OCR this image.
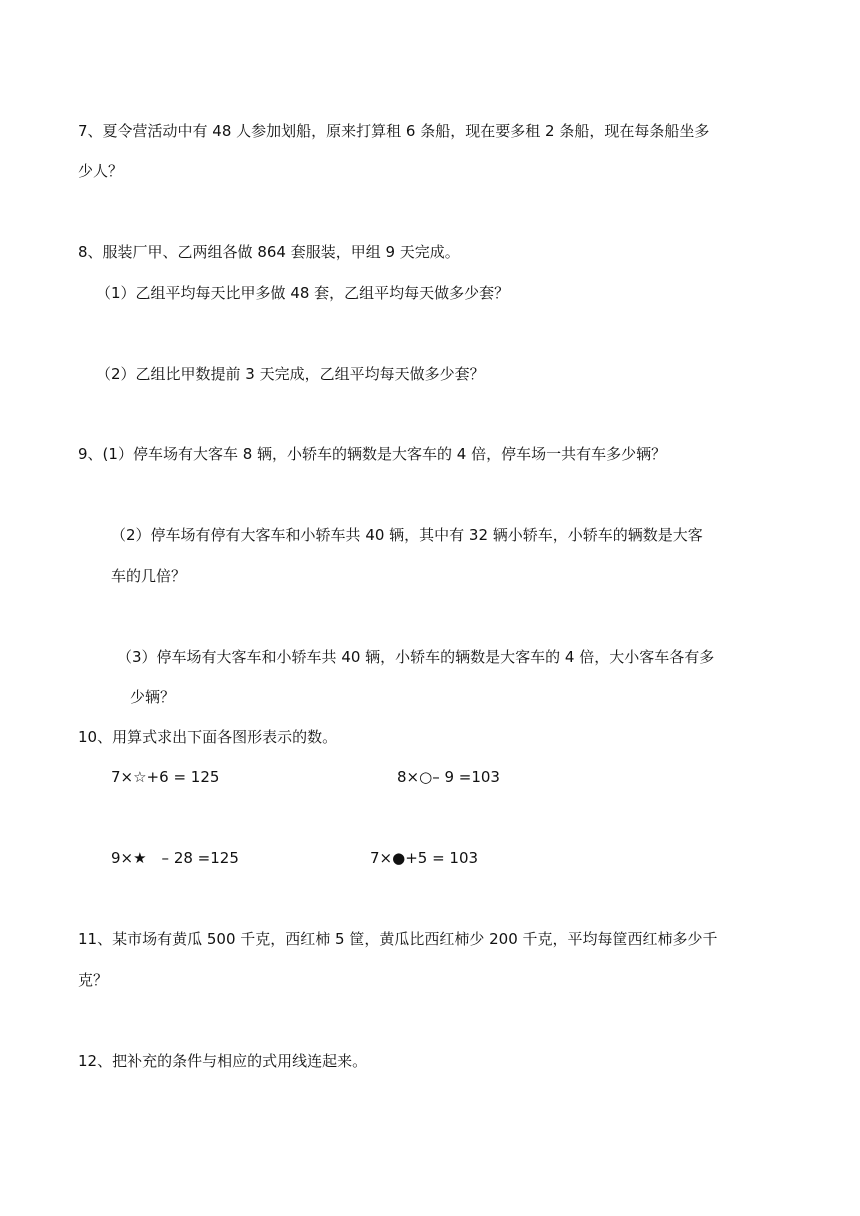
7、夏令营活动中有 48 人参加划船，原来打算租 6 条船，现在要多租 2 条船，现在每条船坐多
少人？
8、服装厂甲、乙两组各做 864 套服装，甲组 9 天完成。
（1）乙组平均每天比甲多做 48 套，乙组平均每天做多少套？
（2）乙组比甲数提前 3 天完成，乙组平均每天做多少套？
9、(1）停车场有大客车 8 辆，小轿车的辆数是大客车的 4 倍，停车场一共有车多少辆？
（2）停车场有停有大客车和小轿车共 40 辆，其中有 32 辆小轿车，小轿车的辆数是大客
车的几倍？
（3）停车场有大客车和小轿车共 40 辆，小轿车的辆数是大客车的 4 倍，大小客车各有多
少辆？
10、用算式求出下面各图形表示的数。
7×☆+6 = 125	8×○– 9 =103
9×★　– 28 =125	7×●+5 = 103
11、某市场有黄瓜 500 千克，西红柿 5 筐，黄瓜比西红柿少 200 千克，平均每筐西红柿多少千
克？
12、把补充的条件与相应的式用线连起来。
